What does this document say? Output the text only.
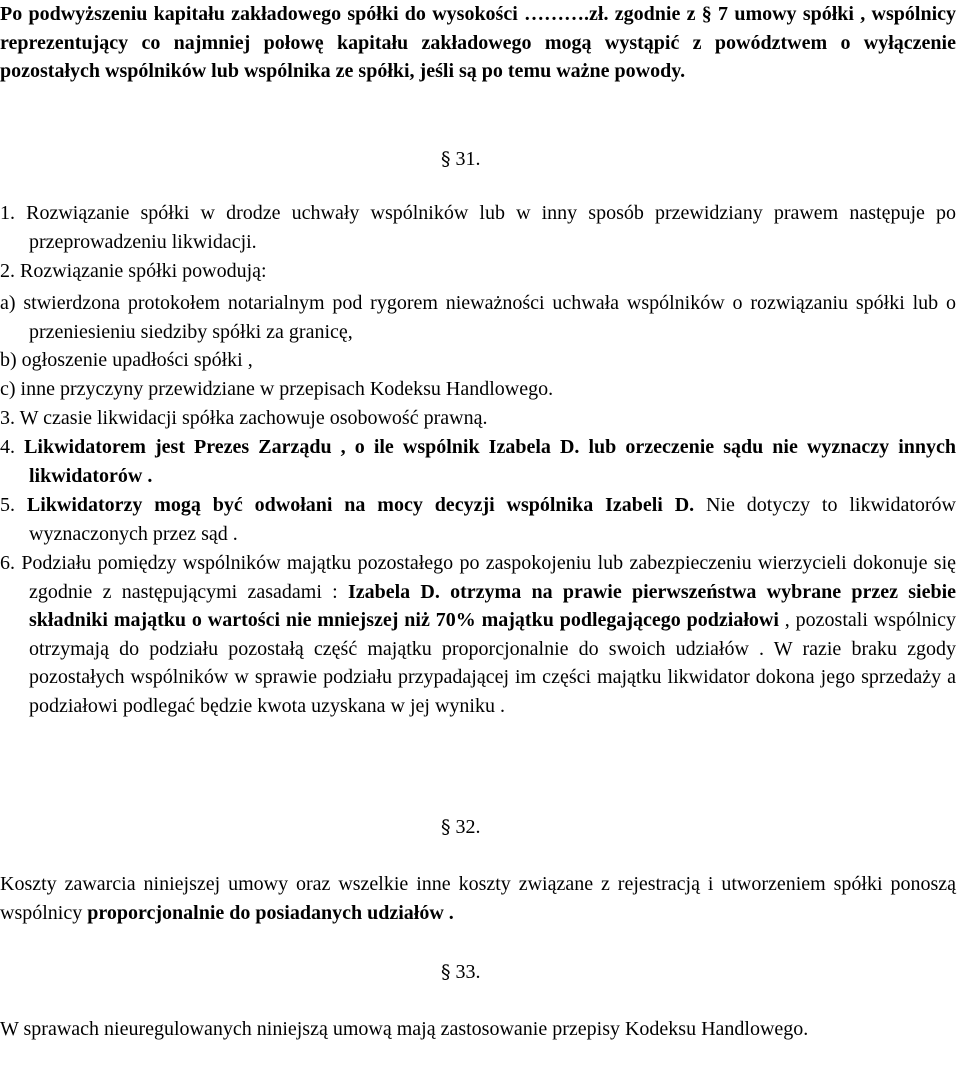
Po podwyższeniu kapitału zakładowego spółki do wysokości ……….zł. zgodnie z § 7 umowy spółki , wspólnicy reprezentujący co najmniej połowę kapitału zakładowego mogą wystąpić z powództwem o wyłączenie pozostałych wspólników lub wspólnika ze spółki, jeśli są po temu ważne powody.

§ 31.

1. Rozwiązanie spółki w drodze uchwały wspólników lub w inny sposób przewidziany prawem następuje po przeprowadzeniu likwidacji.

2. Rozwiązanie spółki powodują:

a) stwierdzona protokołem notarialnym pod rygorem nieważności uchwała wspólników o rozwiązaniu spółki lub o przeniesieniu siedziby spółki za granicę,

b) ogłoszenie upadłości spółki ,

c) inne przyczyny przewidziane w przepisach Kodeksu Handlowego.

3. W czasie likwidacji spółka zachowuje osobowość prawną.

4. Likwidatorem jest Prezes Zarządu , o ile wspólnik Izabela D. lub orzeczenie sądu nie wyznaczy innych likwidatorów .

5. Likwidatorzy mogą być odwołani na mocy decyzji wspólnika Izabeli D. Nie dotyczy to likwidatorów wyznaczonych przez sąd .

6. Podziału pomiędzy wspólników majątku pozostałego po zaspokojeniu lub zabezpieczeniu wierzycieli dokonuje się zgodnie z następującymi zasadami : Izabela D. otrzyma na prawie pierwszeństwa wybrane przez siebie składniki majątku o wartości nie mniejszej niż 70% majątku podlegającego podziałowi , pozostali wspólnicy otrzymają do podziału pozostałą część majątku proporcjonalnie do swoich udziałów . W razie braku zgody pozostałych wspólników w sprawie podziału przypadającej im części majątku likwidator dokona jego sprzedaży a podziałowi podlegać będzie kwota uzyskana w jej wyniku .

§ 32.

Koszty zawarcia niniejszej umowy oraz wszelkie inne koszty związane z rejestracją i utworzeniem spółki ponoszą wspólnicy proporcjonalnie do posiadanych udziałów .

§ 33.

W sprawach nieuregulowanych niniejszą umową mają zastosowanie przepisy Kodeksu Handlowego.
